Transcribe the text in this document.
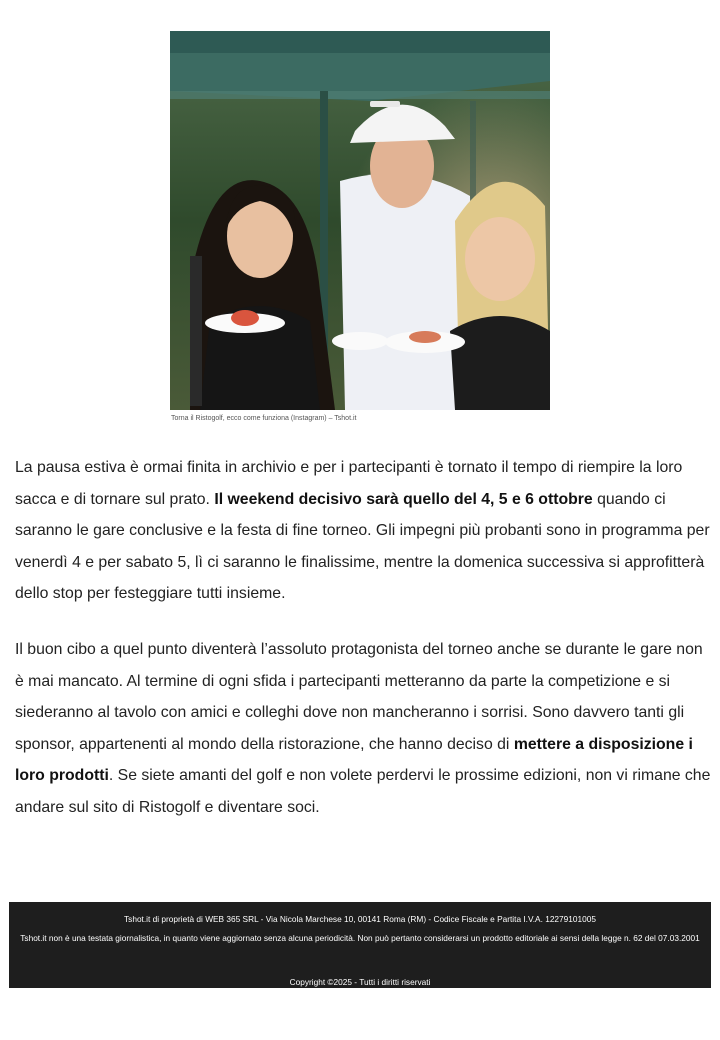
Torna il Ristogolf, ecco come funziona (Instagram) – Tshot.it

La pausa estiva è ormai finita in archivio e per i partecipanti è tornato il tempo di riempire la loro sacca e di tornare sul prato. Il weekend decisivo sarà quello del 4, 5 e 6 ottobre quando ci saranno le gare conclusive e la festa di fine torneo. Gli impegni più probanti sono in programma per venerdì 4 e per sabato 5, lì ci saranno le finalissime, mentre la domenica successiva si approfitterà dello stop per festeggiare tutti insieme.

Il buon cibo a quel punto diventerà l’assoluto protagonista del torneo anche se durante le gare non è mai mancato. Al termine di ogni sfida i partecipanti metteranno da parte la competizione e si siederanno al tavolo con amici e colleghi dove non mancheranno i sorrisi. Sono davvero tanti gli sponsor, appartenenti al mondo della ristorazione, che hanno deciso di mettere a disposizione i loro prodotti. Se siete amanti del golf e non volete perdervi le prossime edizioni, non vi rimane che andare sul sito di Ristogolf e diventare soci.

Tshot.it di proprietà di WEB 365 SRL - Via Nicola Marchese 10, 00141 Roma (RM) - Codice Fiscale e Partita I.V.A. 12279101005
Tshot.it non è una testata giornalistica, in quanto viene aggiornato senza alcuna periodicità. Non può pertanto considerarsi un prodotto editoriale ai sensi della legge n. 62 del 07.03.2001
Copyright ©2025 - Tutti i diritti riservati
